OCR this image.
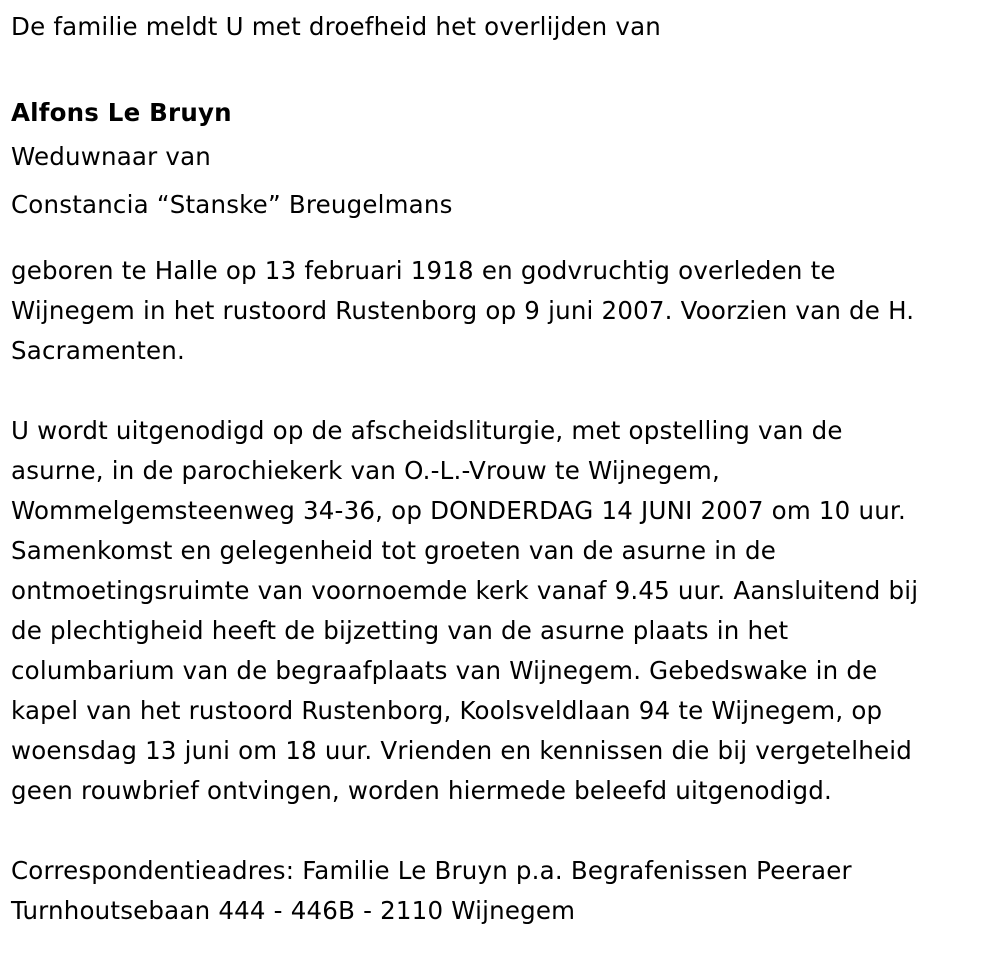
De familie meldt U met droefheid het overlijden van
Alfons Le Bruyn
Weduwnaar van
Constancia “Stanske” Breugelmans
geboren te Halle op 13 februari 1918 en godvruchtig overleden te
Wijnegem in het rustoord Rustenborg op 9 juni 2007. Voorzien van de H.
Sacramenten.
U wordt uitgenodigd op de afscheidsliturgie, met opstelling van de
asurne, in de parochiekerk van O.-L.-Vrouw te Wijnegem,
Wommelgemsteenweg 34-36, op DONDERDAG 14 JUNI 2007 om 10 uur.
Samenkomst en gelegenheid tot groeten van de asurne in de
ontmoetingsruimte van voornoemde kerk vanaf 9.45 uur. Aansluitend bij
de plechtigheid heeft de bijzetting van de asurne plaats in het
columbarium van de begraafplaats van Wijnegem. Gebedswake in de
kapel van het rustoord Rustenborg, Koolsveldlaan 94 te Wijnegem, op
woensdag 13 juni om 18 uur. Vrienden en kennissen die bij vergetelheid
geen rouwbrief ontvingen, worden hiermede beleefd uitgenodigd.
Correspondentieadres: Familie Le Bruyn p.a. Begrafenissen Peeraer
Turnhoutsebaan 444 - 446B - 2110 Wijnegem
